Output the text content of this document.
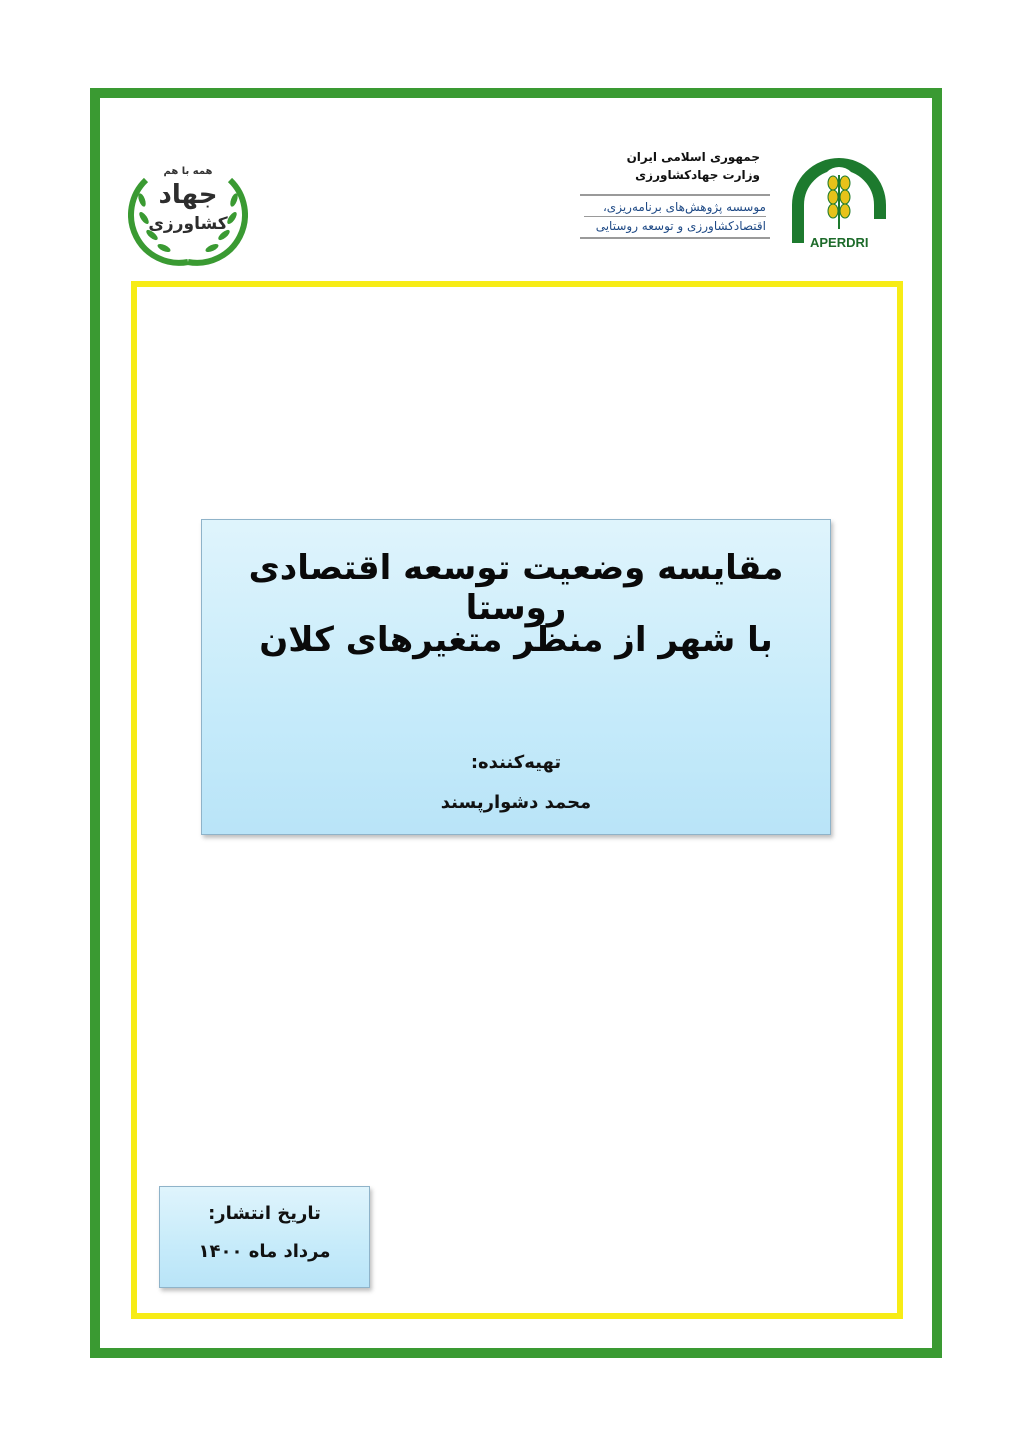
همه با هم
جهاد
کشاورزی
جمهوری اسلامی ایران
وزارت جهادکشاورزی
موسسه پژوهش‌های برنامه‌ریزی،
اقتصادکشاورزی و توسعه روستایی
APERDRI
مقایسه وضعیت توسعه اقتصادی روستا
با شهر از منظر متغیرهای کلان
تهیه‌کننده:
محمد دشوارپسند
تاریخ انتشار:
مرداد ماه ۱۴۰۰
